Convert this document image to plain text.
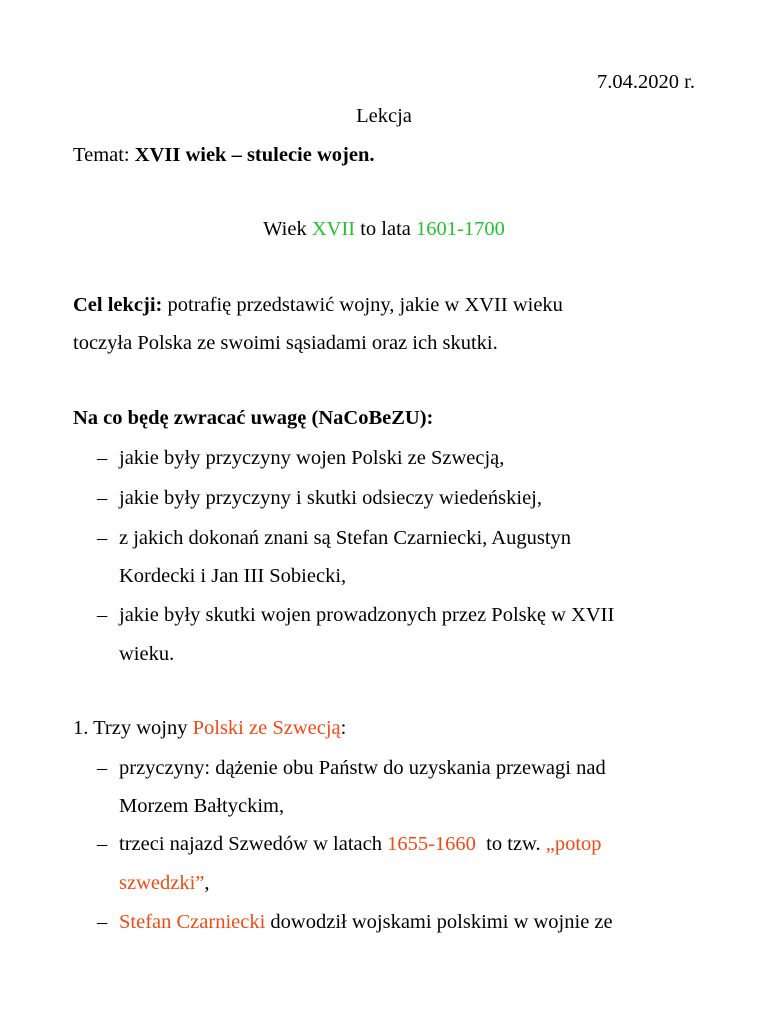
7.04.2020 r.
Lekcja
Temat: XVII wiek – stulecie wojen.
Wiek XVII to lata 1601-1700
Cel lekcji: potrafię przedstawić wojny, jakie w XVII wieku
toczyła Polska ze swoimi sąsiadami oraz ich skutki.
Na co będę zwracać uwagę (NaCoBeZU):
– jakie były przyczyny wojen Polski ze Szwecją,
– jakie były przyczyny i skutki odsieczy wiedeńskiej,
– z jakich dokonań znani są Stefan Czarniecki, Augustyn
Kordecki i Jan III Sobiecki,
– jakie były skutki wojen prowadzonych przez Polskę w XVII
wieku.
1. Trzy wojny Polski ze Szwecją:
– przyczyny: dążenie obu Państw do uzyskania przewagi nad
Morzem Bałtyckim,
– trzeci najazd Szwedów w latach 1655-1660  to tzw. „potop
szwedzki”,
– Stefan Czarniecki dowodził wojskami polskimi w wojnie ze
